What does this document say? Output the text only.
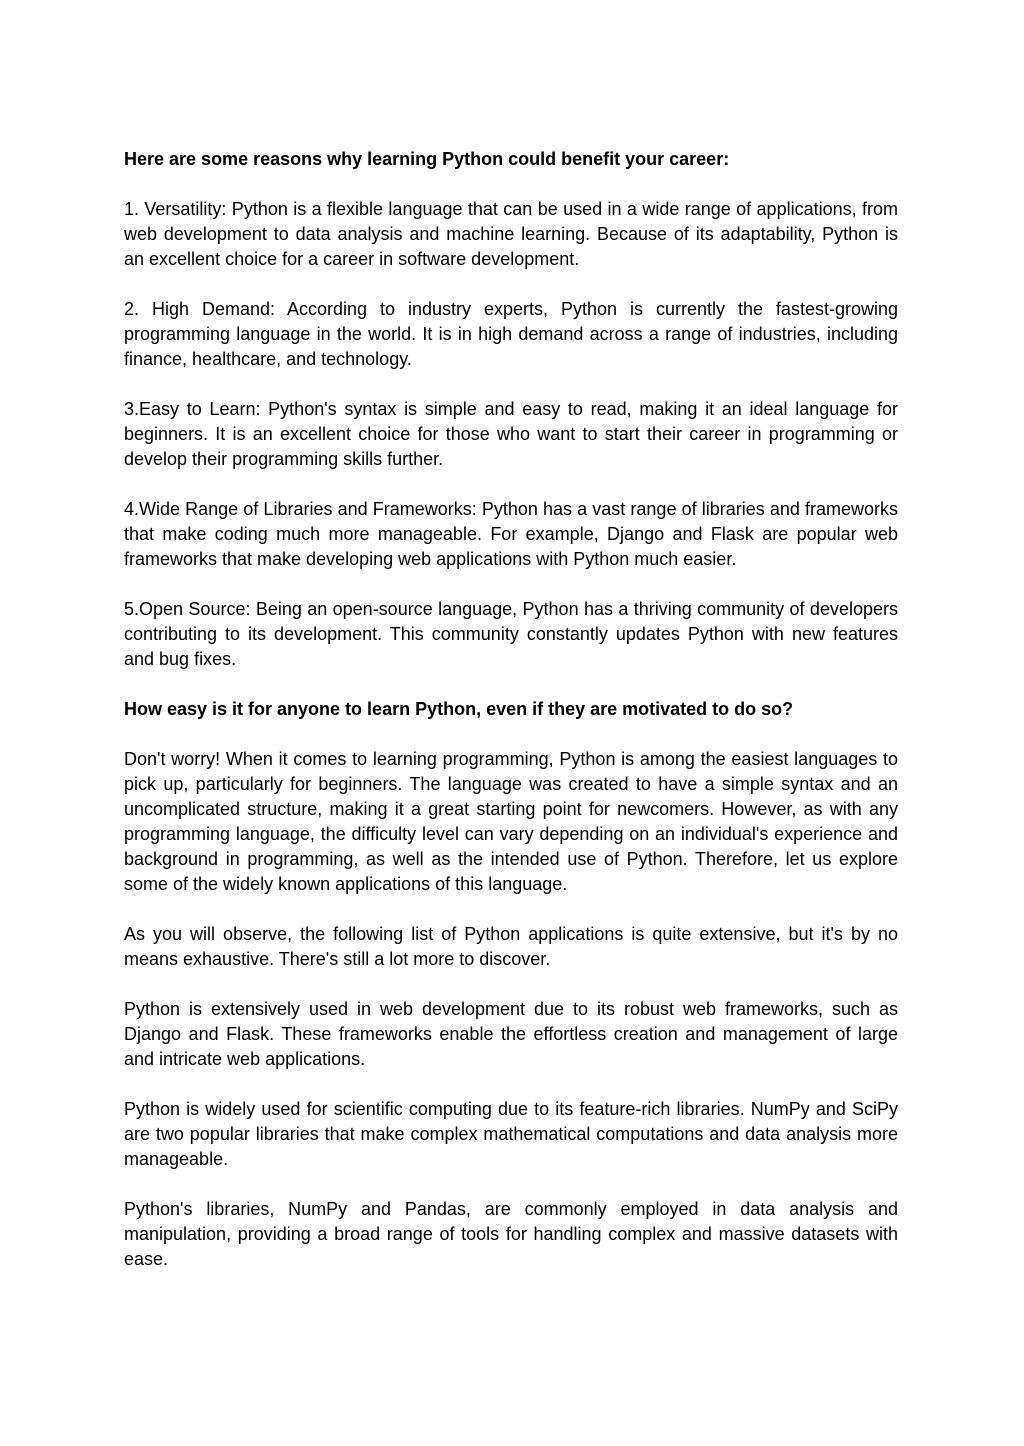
Here are some reasons why learning Python could benefit your career:

1. Versatility: Python is a flexible language that can be used in a wide range of applications, from web development to data analysis and machine learning. Because of its adaptability, Python is an excellent choice for a career in software development.

2. High Demand: According to industry experts, Python is currently the fastest-growing programming language in the world. It is in high demand across a range of industries, including finance, healthcare, and technology.

3.Easy to Learn: Python's syntax is simple and easy to read, making it an ideal language for beginners. It is an excellent choice for those who want to start their career in programming or develop their programming skills further.

4.Wide Range of Libraries and Frameworks: Python has a vast range of libraries and frameworks that make coding much more manageable. For example, Django and Flask are popular web frameworks that make developing web applications with Python much easier.

5.Open Source: Being an open-source language, Python has a thriving community of developers contributing to its development. This community constantly updates Python with new features and bug fixes.

How easy is it for anyone to learn Python, even if they are motivated to do so?

Don't worry! When it comes to learning programming, Python is among the easiest languages to pick up, particularly for beginners. The language was created to have a simple syntax and an uncomplicated structure, making it a great starting point for newcomers. However, as with any programming language, the difficulty level can vary depending on an individual's experience and background in programming, as well as the intended use of Python. Therefore, let us explore some of the widely known applications of this language.

As you will observe, the following list of Python applications is quite extensive, but it's by no means exhaustive. There's still a lot more to discover.

Python is extensively used in web development due to its robust web frameworks, such as Django and Flask. These frameworks enable the effortless creation and management of large and intricate web applications.

Python is widely used for scientific computing due to its feature-rich libraries. NumPy and SciPy are two popular libraries that make complex mathematical computations and data analysis more manageable.

Python's libraries, NumPy and Pandas, are commonly employed in data analysis and manipulation, providing a broad range of tools for handling complex and massive datasets with ease.
